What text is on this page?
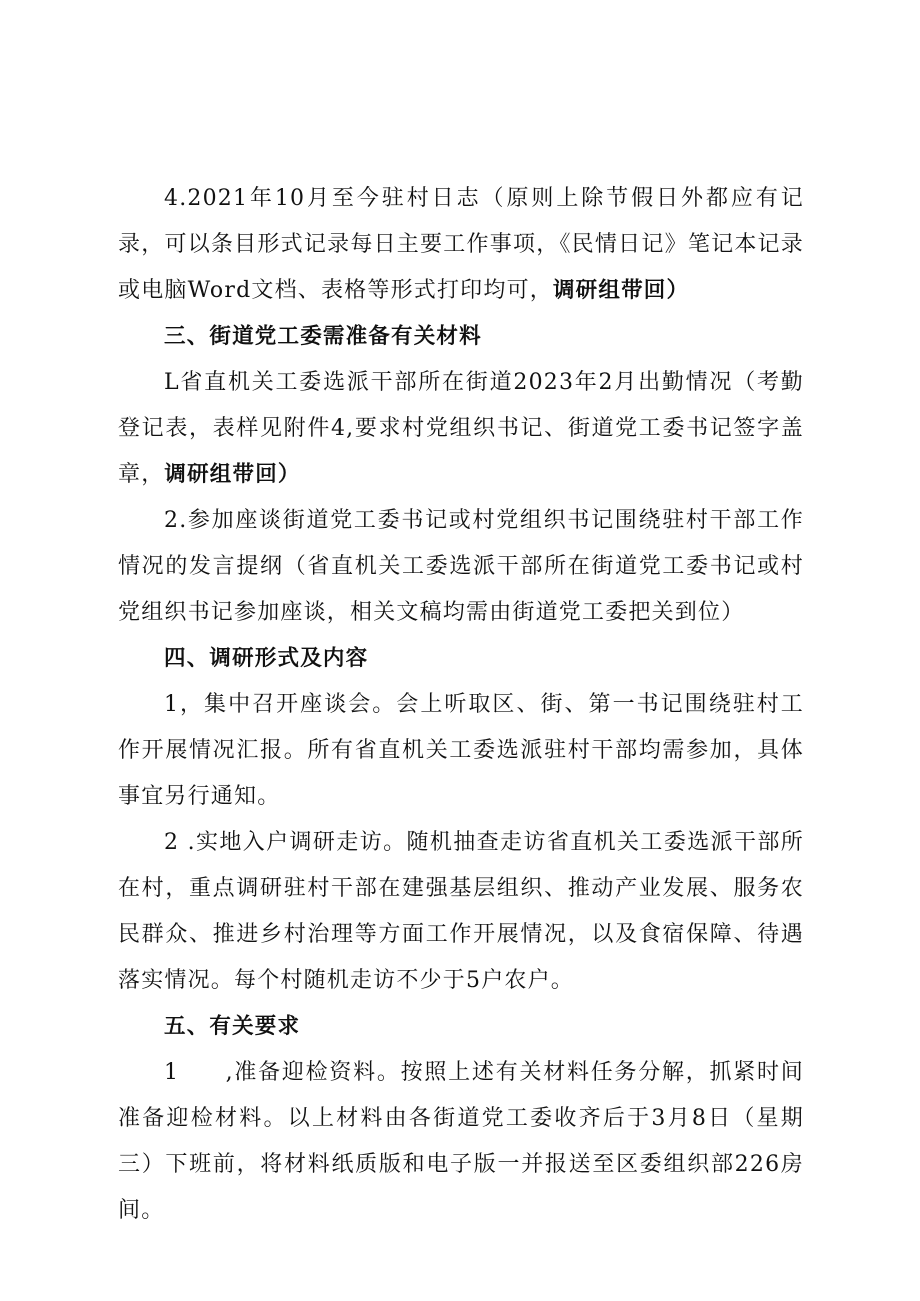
4.2021年10月至今驻村日志（原则上除节假日外都应有记录，可以条目形式记录每日主要工作事项，《民情日记》笔记本记录或电脑Word文档、表格等形式打印均可，调研组带回）

三、街道党工委需准备有关材料

L省直机关工委选派干部所在街道2023年2月出勤情况（考勤登记表，表样见附件4,要求村党组织书记、街道党工委书记签字盖章，调研组带回）

2.参加座谈街道党工委书记或村党组织书记围绕驻村干部工作情况的发言提纲（省直机关工委选派干部所在街道党工委书记或村党组织书记参加座谈，相关文稿均需由街道党工委把关到位）

四、调研形式及内容

1，集中召开座谈会。会上听取区、街、第一书记围绕驻村工作开展情况汇报。所有省直机关工委选派驻村干部均需参加，具体事宜另行通知。

2 .实地入户调研走访。随机抽查走访省直机关工委选派干部所在村，重点调研驻村干部在建强基层组织、推动产业发展、服务农民群众、推进乡村治理等方面工作开展情况，以及食宿保障、待遇落实情况。每个村随机走访不少于5户农户。

五、有关要求

1  ,准备迎检资料。按照上述有关材料任务分解，抓紧时间准备迎检材料。以上材料由各街道党工委收齐后于3月8日（星期三）下班前，将材料纸质版和电子版一并报送至区委组织部226房间。
